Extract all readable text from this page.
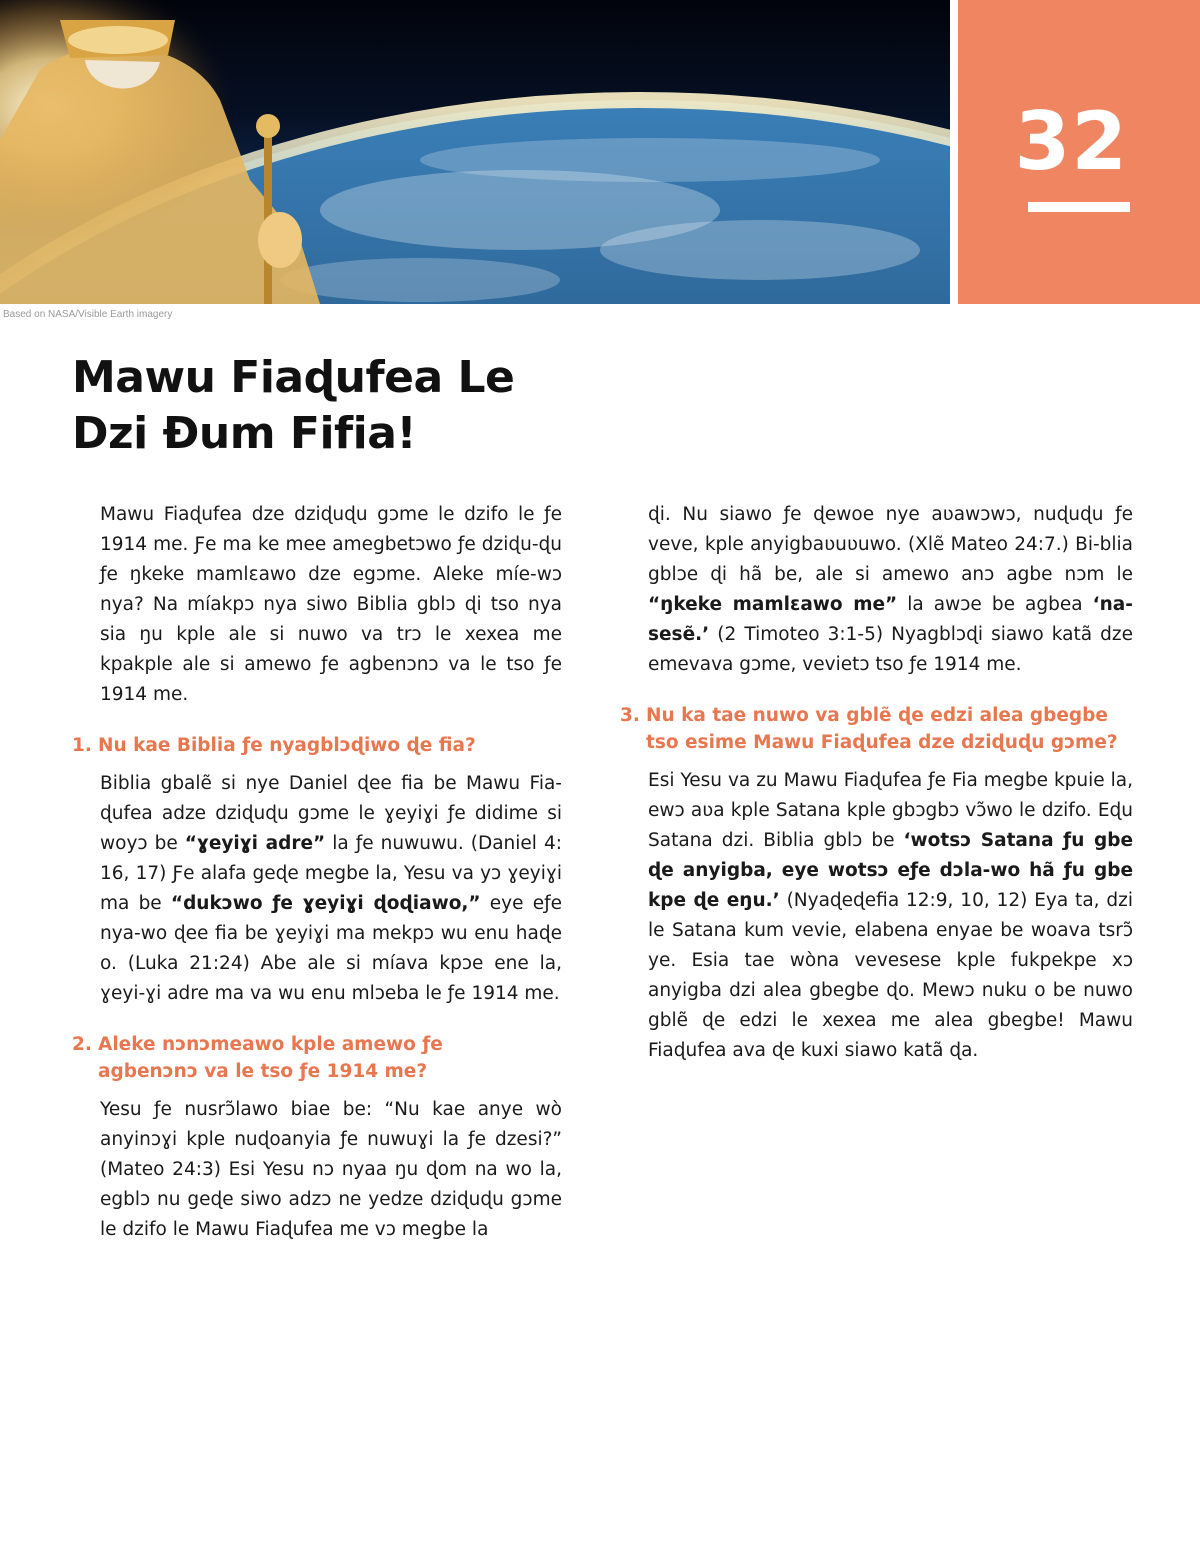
32
Based on NASA/Visible Earth imagery
Mawu Fiaɖufea Le
Dzi Ðum Fifia!

Mawu Fiaɖufea dze dziɖuɖu gɔme le dzifo le ƒe 1914 me. Ƒe ma ke mee amegbetɔwo ƒe dziɖu-ɖu ƒe ŋkeke mamlɛawo dze egɔme. Aleke míe-wɔ nya? Na míakpɔ nya siwo Biblia gblɔ ɖi tso nya sia ŋu kple ale si nuwo va trɔ le xexea me kpakple ale si amewo ƒe agbenɔnɔ va le tso ƒe 1914 me.

1. Nu kae Biblia ƒe nyagblɔɖiwo ɖe fia?

Biblia gbalẽ si nye Daniel ɖee fia be Mawu Fia-ɖufea adze dziɖuɖu gɔme le ɣeyiɣi ƒe didime si woyɔ be “ɣeyiɣi adre” la ƒe nuwuwu. (Daniel 4: 16, 17) Ƒe alafa geɖe megbe la, Yesu va yɔ ɣeyiɣi ma be “dukɔwo ƒe ɣeyiɣi ɖoɖiawo,” eye eƒe nya-wo ɖee fia be ɣeyiɣi ma mekpɔ wu enu haɖe o. (Luka 21:24) Abe ale si míava kpɔe ene la, ɣeyi-ɣi adre ma va wu enu mlɔeba le ƒe 1914 me.

2. Aleke nɔnɔmeawo kple amewo ƒe
agbenɔnɔ va le tso ƒe 1914 me?

Yesu ƒe nusrɔ̃lawo biae be: “Nu kae anye wò anyinɔɣi kple nuɖoanyia ƒe nuwuɣi la ƒe dzesi?” (Mateo 24:3) Esi Yesu nɔ nyaa ŋu ɖom na wo la, egblɔ nu geɖe siwo adzɔ ne yedze dziɖuɖu gɔme le dzifo le Mawu Fiaɖufea me vɔ megbe la

ɖi. Nu siawo ƒe ɖewoe nye aʋawɔwɔ, nuɖuɖu ƒe veve, kple anyigbaʋuʋuwo. (Xlẽ Mateo 24:7.) Bi-blia gblɔe ɖi hã be, ale si amewo anɔ agbe nɔm le “ŋkeke mamlɛawo me” la awɔe be agbea ‘na-sesẽ.’ (2 Timoteo 3:1-5) Nyagblɔɖi siawo katã dze emevava gɔme, vevietɔ tso ƒe 1914 me.

3. Nu ka tae nuwo va gblẽ ɖe edzi alea gbegbe
tso esime Mawu Fiaɖufea dze dziɖuɖu gɔme?

Esi Yesu va zu Mawu Fiaɖufea ƒe Fia megbe kpuie la, ewɔ aʋa kple Satana kple gbɔgbɔ vɔ̃wo le dzifo. Eɖu Satana dzi. Biblia gblɔ be ‘wotsɔ Satana ƒu gbe ɖe anyigba, eye wotsɔ eƒe dɔla-wo hã ƒu gbe kpe ɖe eŋu.’ (Nyaɖeɖefia 12:9, 10, 12) Eya ta, dzi le Satana kum vevie, elabena enyae be woava tsrɔ̃ ye. Esia tae wòna vevesese kple fukpekpe xɔ anyigba dzi alea gbegbe ɖo. Mewɔ nuku o be nuwo gblẽ ɖe edzi le xexea me alea gbegbe! Mawu Fiaɖufea ava ɖe kuxi siawo katã ɖa.
